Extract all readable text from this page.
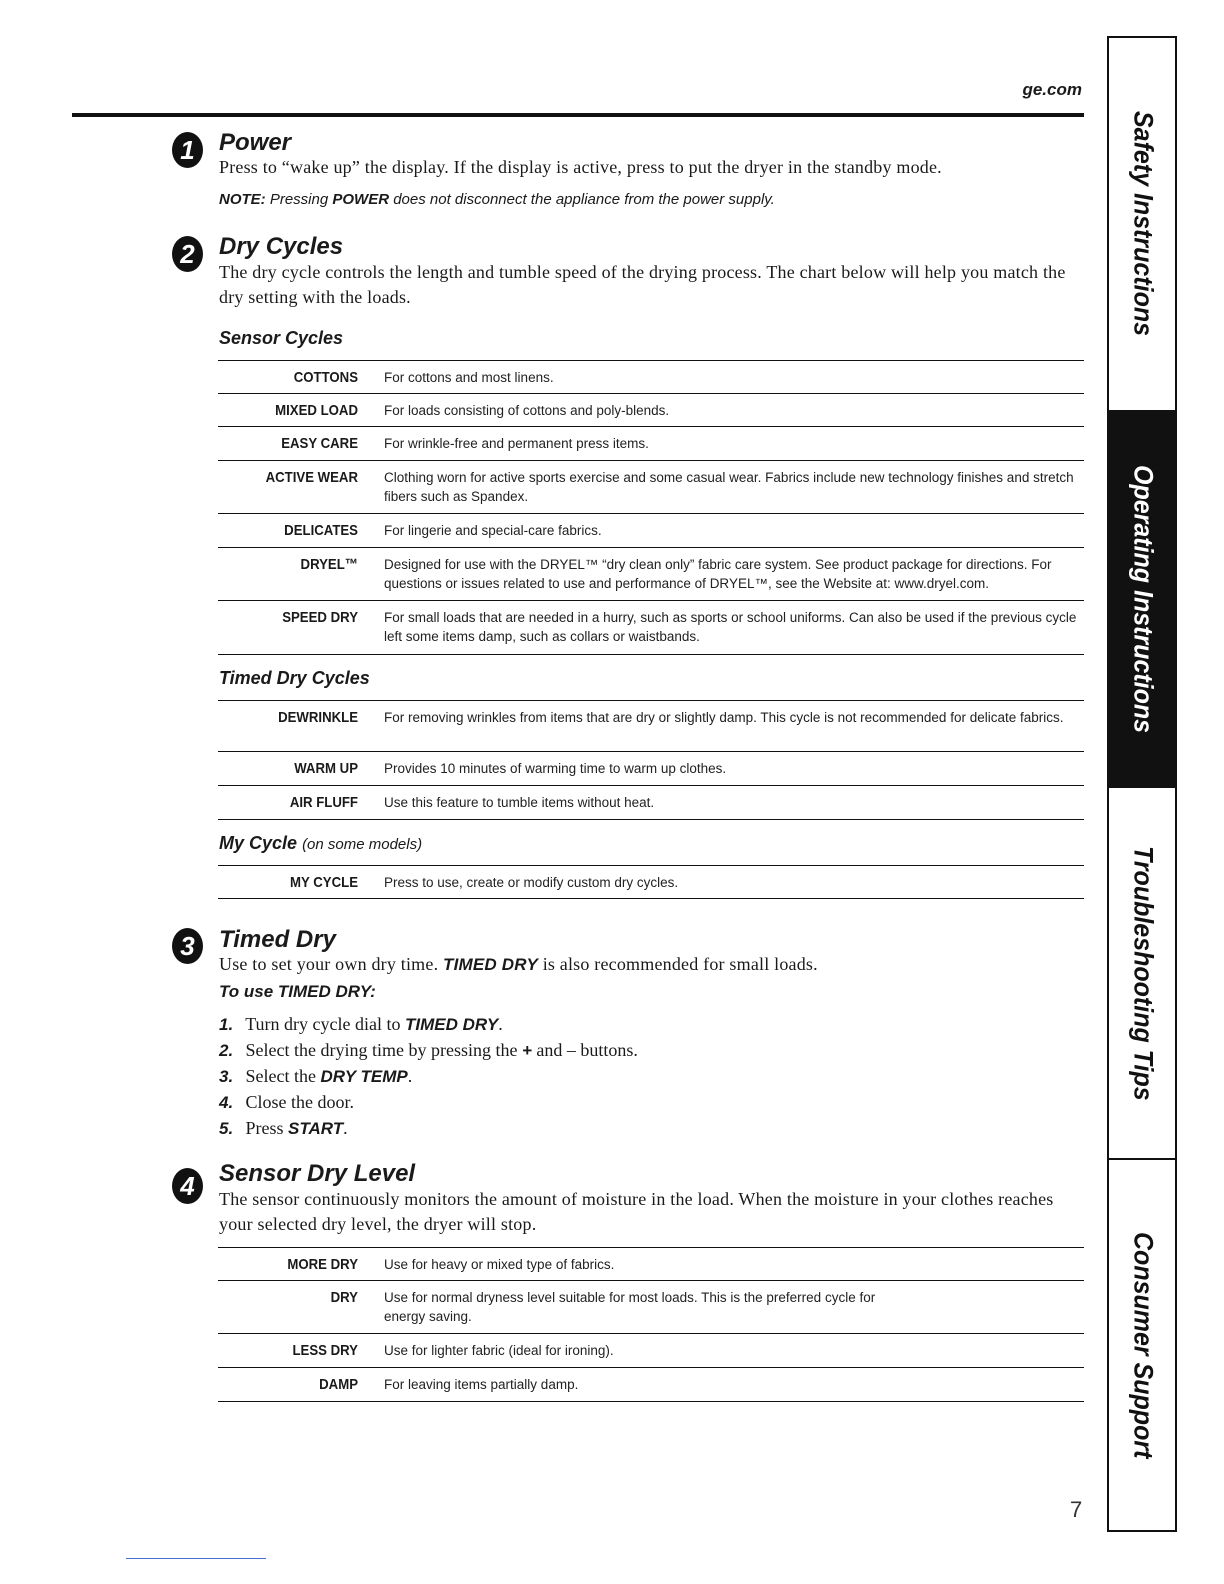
ge.com
Safety Instructions
Operating Instructions
Troubleshooting Tips
Consumer Support
1	Power
Press to “wake up” the display. If the display is active, press to put the dryer in the standby mode.
NOTE: Pressing POWER does not disconnect the appliance from the power supply.
2	Dry Cycles
The dry cycle controls the length and tumble speed of the drying process. The chart below will help you match the dry setting with the loads.
Sensor Cycles
COTTONS For cottons and most linens.
MIXED LOAD For loads consisting of cottons and poly-blends.
EASY CARE For wrinkle-free and permanent press items.
ACTIVE WEAR Clothing worn for active sports exercise and some casual wear. Fabrics include new technology finishes and stretch fibers such as Spandex.
DELICATES For lingerie and special-care fabrics.
DRYEL™ Designed for use with the DRYEL™ “dry clean only” fabric care system. See product package for directions. For questions or issues related to use and performance of DRYEL™, see the Website at: www.dryel.com.
SPEED DRY For small loads that are needed in a hurry, such as sports or school uniforms. Can also be used if the previous cycle left some items damp, such as collars or waistbands.
Timed Dry Cycles
DEWRINKLE For removing wrinkles from items that are dry or slightly damp. This cycle is not recommended for delicate fabrics.
WARM UP Provides 10 minutes of warming time to warm up clothes.
AIR FLUFF Use this feature to tumble items without heat.
My Cycle (on some models)
MY CYCLE Press to use, create or modify custom dry cycles.
3	Timed Dry
Use to set your own dry time. TIMED DRY is also recommended for small loads.
To use TIMED DRY:
1. Turn dry cycle dial to TIMED DRY.
2. Select the drying time by pressing the + and – buttons.
3. Select the DRY TEMP.
4. Close the door.
5. Press START.
4	Sensor Dry Level
The sensor continuously monitors the amount of moisture in the load. When the moisture in your clothes reaches your selected dry level, the dryer will stop.
MORE DRY Use for heavy or mixed type of fabrics.
DRY Use for normal dryness level suitable for most loads. This is the preferred cycle for energy saving.
LESS DRY Use for lighter fabric (ideal for ironing).
DAMP For leaving items partially damp.
7
